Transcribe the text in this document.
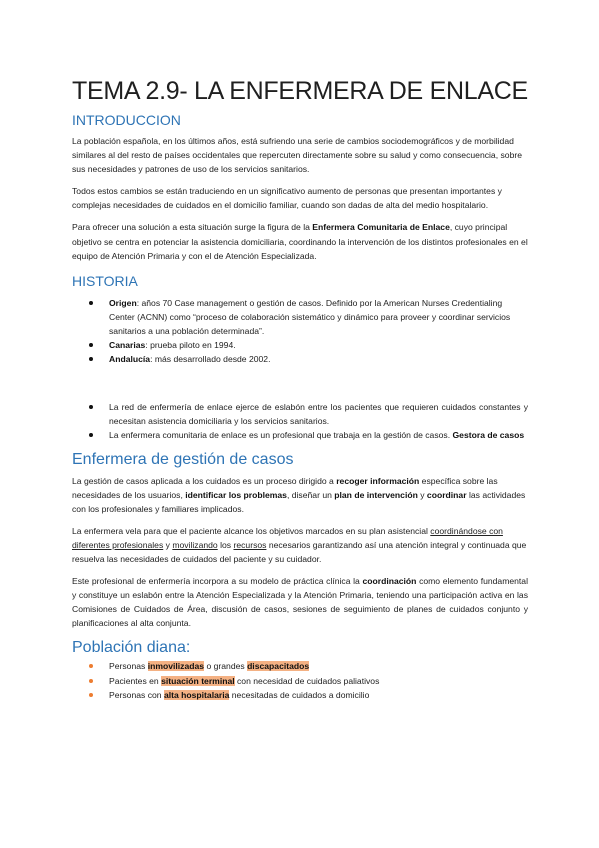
TEMA 2.9- LA ENFERMERA DE ENLACE
INTRODUCCION

La población española, en los últimos años, está sufriendo una serie de cambios sociodemográficos y de morbilidad similares al del resto de países occidentales que repercuten directamente sobre su salud y como consecuencia, sobre sus necesidades y patrones de uso de los servicios sanitarios.

Todos estos cambios se están traduciendo en un significativo aumento de personas que presentan importantes y complejas necesidades de cuidados en el domicilio familiar, cuando son dadas de alta del medio hospitalario.

Para ofrecer una solución a esta situación surge la figura de la Enfermera Comunitaria de Enlace, cuyo principal objetivo se centra en potenciar la asistencia domiciliaria, coordinando la intervención de los distintos profesionales en el equipo de Atención Primaria y con el de Atención Especializada.

HISTORIA
Origen: años 70 Case management o gestión de casos. Definido por la American Nurses Credentialing Center (ACNN) como “proceso de colaboración sistemático y dinámico para proveer y coordinar servicios sanitarios a una población determinada”.
Canarias: prueba piloto en 1994.
Andalucía: más desarrollado desde 2002.
La red de enfermería de enlace ejerce de eslabón entre los pacientes que requieren cuidados constantes y necesitan asistencia domiciliaria y los servicios sanitarios.
La enfermera comunitaria de enlace es un profesional que trabaja en la gestión de casos. Gestora de casos
Enfermera de gestión de casos

La gestión de casos aplicada a los cuidados es un proceso dirigido a recoger información específica sobre las necesidades de los usuarios, identificar los problemas, diseñar un plan de intervención y coordinar las actividades con los profesionales y familiares implicados.

La enfermera vela para que el paciente alcance los objetivos marcados en su plan asistencial coordinándose con diferentes profesionales y movilizando los recursos necesarios garantizando así una atención integral y continuada que resuelva las necesidades de cuidados del paciente y su cuidador.

Este profesional de enfermería incorpora a su modelo de práctica clínica la coordinación como elemento fundamental y constituye un eslabón entre la Atención Especializada y la Atención Primaria, teniendo una participación activa en las Comisiones de Cuidados de Área, discusión de casos, sesiones de seguimiento de planes de cuidados conjunto y planificaciones al alta conjunta.

Población diana:
Personas inmovilizadas o grandes discapacitados
Pacientes en situación terminal con necesidad de cuidados paliativos
Personas con alta hospitalaria necesitadas de cuidados a domicilio
